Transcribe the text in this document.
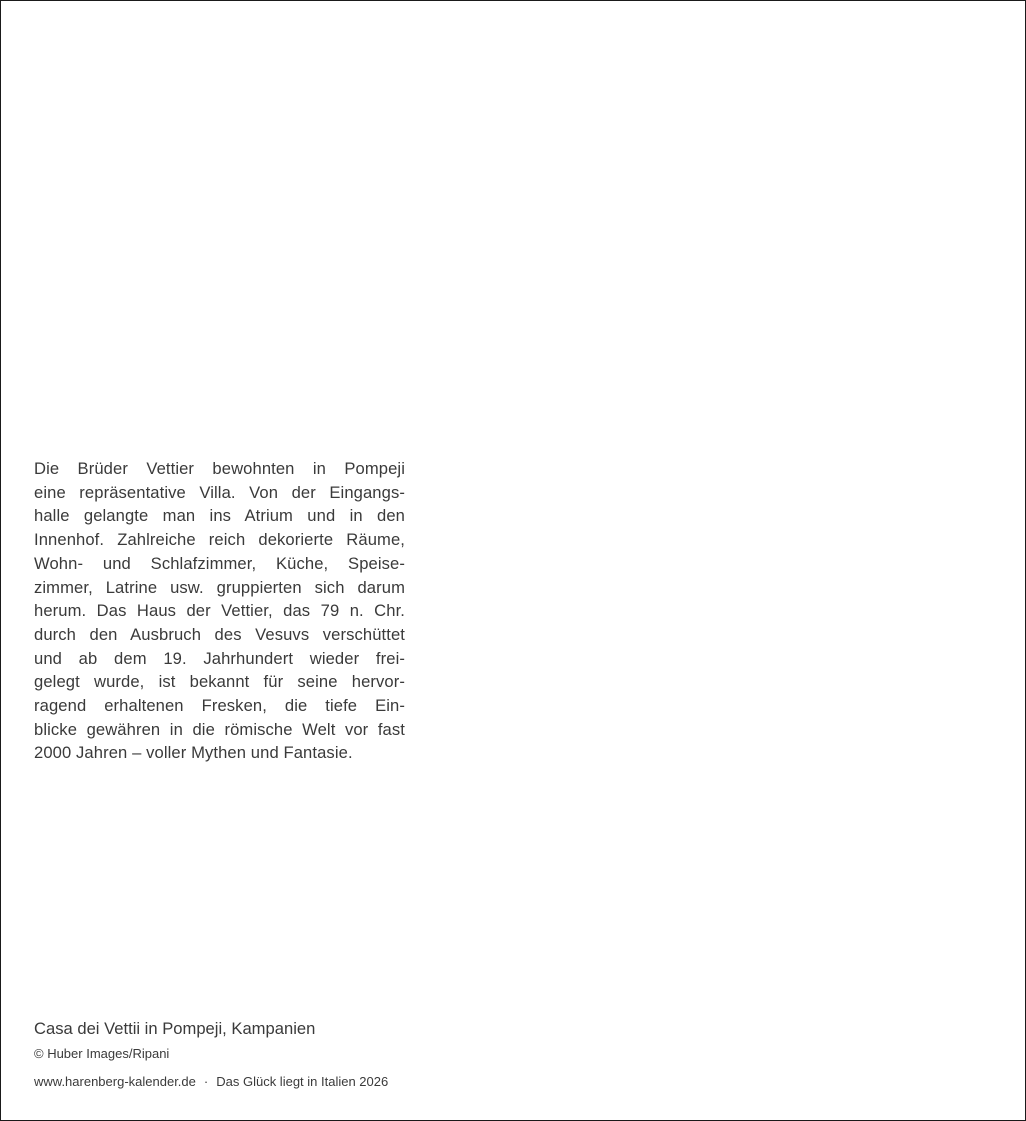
Die Brüder Vettier bewohnten in Pompeji
eine repräsentative Villa. Von der Eingangs-
halle gelangte man ins Atrium und in den
Innenhof. Zahlreiche reich dekorierte Räume,
Wohn- und Schlafzimmer, Küche, Speise-
zimmer, Latrine usw. gruppierten sich darum
herum. Das Haus der Vettier, das 79 n. Chr.
durch den Ausbruch des Vesuvs verschüttet
und ab dem 19. Jahrhundert wieder frei-
gelegt wurde, ist bekannt für seine hervor-
ragend erhaltenen Fresken, die tiefe Ein-
blicke gewähren in die römische Welt vor fast
2000 Jahren – voller Mythen und Fantasie.

Casa dei Vettii in Pompeji, Kampanien

© Huber Images/Ripani

www.harenberg-kalender.de · Das Glück liegt in Italien 2026
